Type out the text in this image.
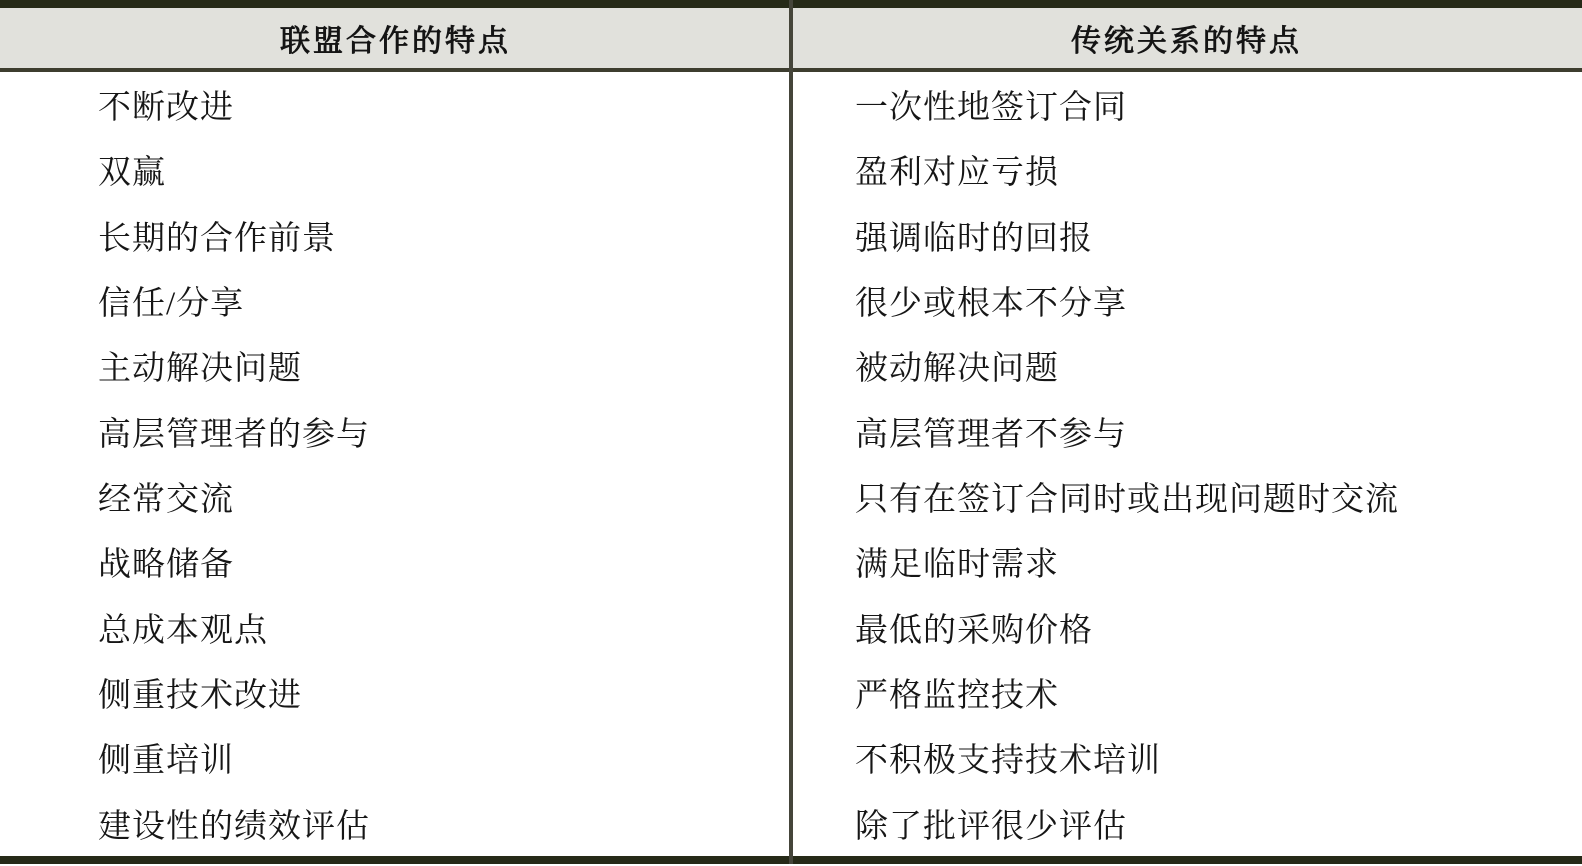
联盟合作的特点	传统关系的特点
不断改进	一次性地签订合同
双赢	盈利对应亏损
长期的合作前景	强调临时的回报
信任/分享	很少或根本不分享
主动解决问题	被动解决问题
高层管理者的参与	高层管理者不参与
经常交流	只有在签订合同时或出现问题时交流
战略储备	满足临时需求
总成本观点	最低的采购价格
侧重技术改进	严格监控技术
侧重培训	不积极支持技术培训
建设性的绩效评估	除了批评很少评估
